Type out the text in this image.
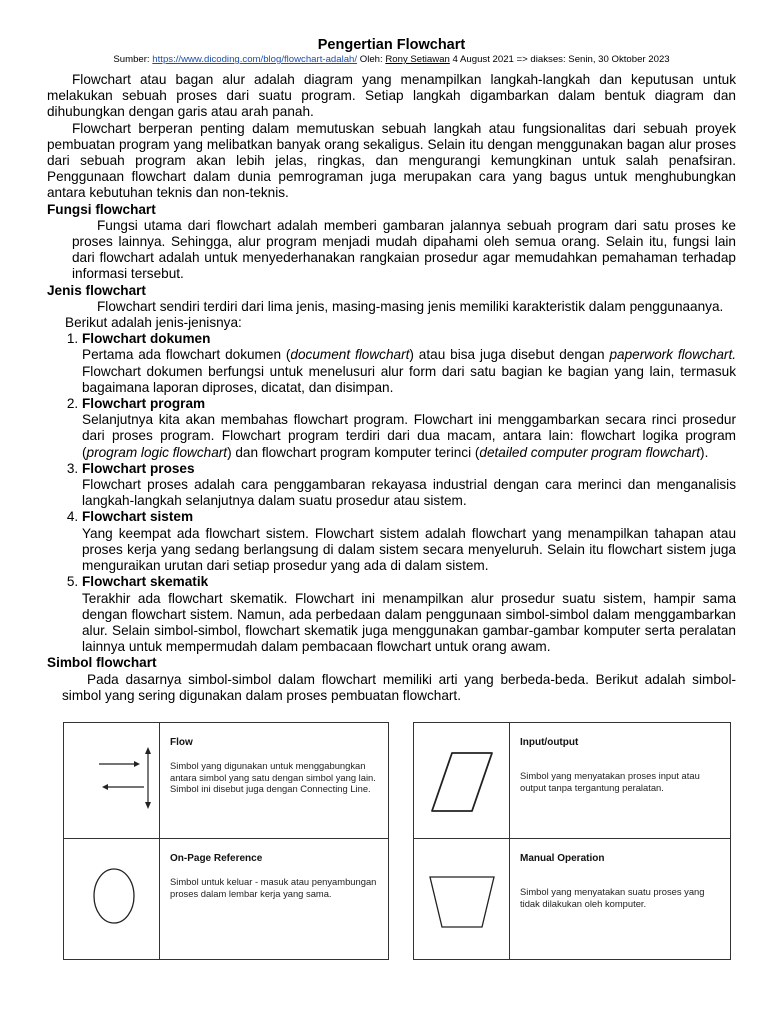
Pengertian Flowchart
Sumber: https://www.dicoding.com/blog/flowchart-adalah/ Oleh: Rony Setiawan 4 August 2021 => diakses: Senin, 30 Oktober 2023

Flowchart atau bagan alur adalah diagram yang menampilkan langkah-langkah dan keputusan untuk melakukan sebuah proses dari suatu program. Setiap langkah digambarkan dalam bentuk diagram dan dihubungkan dengan garis atau arah panah.

Flowchart berperan penting dalam memutuskan sebuah langkah atau fungsionalitas dari sebuah proyek pembuatan program yang melibatkan banyak orang sekaligus. Selain itu dengan menggunakan bagan alur proses dari sebuah program akan lebih jelas, ringkas, dan mengurangi kemungkinan untuk salah penafsiran. Penggunaan flowchart dalam dunia pemrograman juga merupakan cara yang bagus untuk menghubungkan antara kebutuhan teknis dan non-teknis.

Fungsi flowchart

Fungsi utama dari flowchart adalah memberi gambaran jalannya sebuah program dari satu proses ke proses lainnya. Sehingga, alur program menjadi mudah dipahami oleh semua orang. Selain itu, fungsi lain dari flowchart adalah untuk menyederhanakan rangkaian prosedur agar memudahkan pemahaman terhadap informasi tersebut.

Jenis flowchart

Flowchart sendiri terdiri dari lima jenis, masing-masing jenis memiliki karakteristik dalam penggunaanya.

Berikut adalah jenis-jenisnya:

1. Flowchart dokumen
Pertama ada flowchart dokumen (document flowchart) atau bisa juga disebut dengan paperwork flowchart. Flowchart dokumen berfungsi untuk menelusuri alur form dari satu bagian ke bagian yang lain, termasuk bagaimana laporan diproses, dicatat, dan disimpan.
2. Flowchart program
Selanjutnya kita akan membahas flowchart program. Flowchart ini menggambarkan secara rinci prosedur dari proses program. Flowchart program terdiri dari dua macam, antara lain: flowchart logika program (program logic flowchart) dan flowchart program komputer terinci (detailed computer program flowchart).
3. Flowchart proses
Flowchart proses adalah cara penggambaran rekayasa industrial dengan cara merinci dan menganalisis langkah-langkah selanjutnya dalam suatu prosedur atau sistem.
4. Flowchart sistem
Yang keempat ada flowchart sistem. Flowchart sistem adalah flowchart yang menampilkan tahapan atau proses kerja yang sedang berlangsung di dalam sistem secara menyeluruh. Selain itu flowchart sistem juga menguraikan urutan dari setiap prosedur yang ada di dalam sistem.
5. Flowchart skematik
Terakhir ada flowchart skematik. Flowchart ini menampilkan alur prosedur suatu sistem, hampir sama dengan flowchart sistem. Namun, ada perbedaan dalam penggunaan simbol-simbol dalam menggambarkan alur. Selain simbol-simbol, flowchart skematik juga menggunakan gambar-gambar komputer serta peralatan lainnya untuk mempermudah dalam pembacaan flowchart untuk orang awam.
Simbol flowchart

Pada dasarnya simbol-simbol dalam flowchart memiliki arti yang berbeda-beda. Berikut adalah simbol-simbol yang sering digunakan dalam proses pembuatan flowchart.

Flow
Simbol yang digunakan untuk menggabungkan antara simbol yang satu dengan simbol yang lain. Simbol ini disebut juga dengan Connecting Line.

On-Page Reference
Simbol untuk keluar - masuk atau penyambungan proses dalam lembar kerja yang sama.

Input/output
Simbol yang menyatakan proses input atau output tanpa tergantung peralatan.

Manual Operation
Simbol yang menyatakan suatu proses yang tidak dilakukan oleh komputer.
